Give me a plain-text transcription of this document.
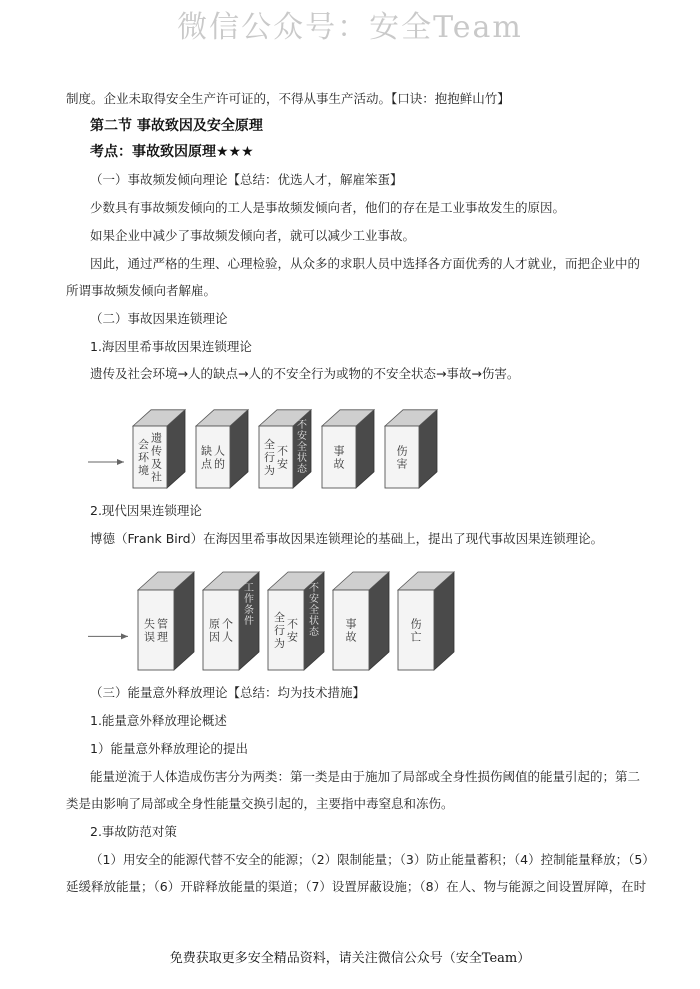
微信公众号：安全Team
制度。企业未取得安全生产许可证的，不得从事生产活动。【口诀：抱抱鲜山竹】
第二节 事故致因及安全原理
考点：事故致因原理★★★
（一）事故频发倾向理论【总结：优选人才，解雇笨蛋】
少数具有事故频发倾向的工人是事故频发倾向者，他们的存在是工业事故发生的原因。
如果企业中减少了事故频发倾向者，就可以减少工业事故。
因此，通过严格的生理、心理检验，从众多的求职人员中选择各方面优秀的人才就业，而把企业中的
所谓事故频发倾向者解雇。
（二）事故因果连锁理论
1.海因里希事故因果连锁理论
遗传及社会环境→人的缺点→人的不安全行为或物的不安全状态→事故→伤害。
遗
传
及
社
会
环
境
人
的
缺
点
不
安
全
行
为
不
安
全
状
态
事
故
伤
害
2.现代因果连锁理论
博德（Frank Bird）在海因里希事故因果连锁理论的基础上，提出了现代事故因果连锁理论。
管
理
失
误
个
人
原
因
工
作
条
件	不
安
全
行
为
不
安
全
状
态
事
故
伤
亡
（三）能量意外释放理论【总结：均为技术措施】
1.能量意外释放理论概述
1）能量意外释放理论的提出
能量逆流于人体造成伤害分为两类：第一类是由于施加了局部或全身性损伤阈值的能量引起的；第二
类是由影响了局部或全身性能量交换引起的，主要指中毒窒息和冻伤。
2.事故防范对策
（1）用安全的能源代替不安全的能源；（2）限制能量；（3）防止能量蓄积；（4）控制能量释放；（5）
延缓释放能量；（6）开辟释放能量的渠道；（7）设置屏蔽设施；（8）在人、物与能源之间设置屏障，在时
免费获取更多安全精品资料，请关注微信公众号（安全Team）
